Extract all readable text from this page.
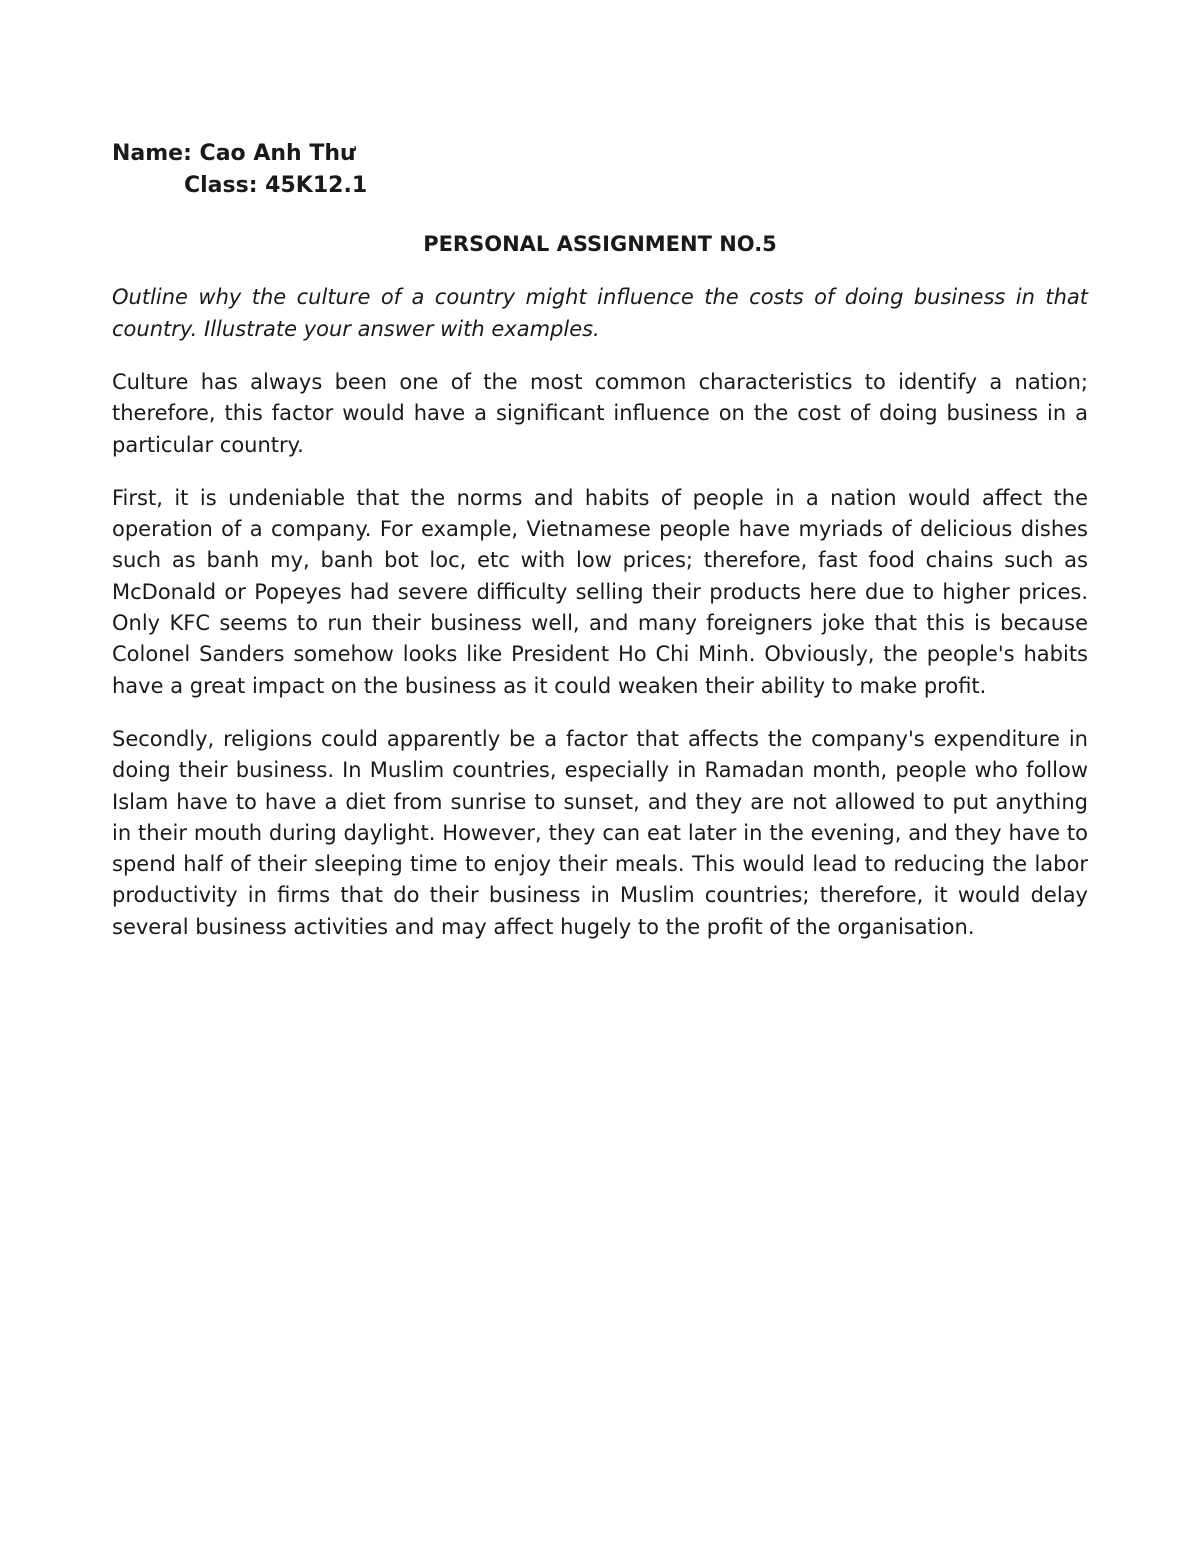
Name: Cao Anh Thư

Class: 45K12.1

PERSONAL ASSIGNMENT NO.5

Outline why the culture of a country might influence the costs of doing business in that country. Illustrate your answer with examples.

Culture has always been one of the most common characteristics to identify a nation; therefore, this factor would have a significant influence on the cost of doing business in a particular country.

First, it is undeniable that the norms and habits of people in a nation would affect the operation of a company. For example, Vietnamese people have myriads of delicious dishes such as banh my, banh bot loc, etc with low prices; therefore, fast food chains such as McDonald or Popeyes had severe difficulty selling their products here due to higher prices. Only KFC seems to run their business well, and many foreigners joke that this is because Colonel Sanders somehow looks like President Ho Chi Minh. Obviously, the people's habits have a great impact on the business as it could weaken their ability to make profit.

Secondly, religions could apparently be a factor that affects the company's expenditure in doing their business. In Muslim countries, especially in Ramadan month, people who follow Islam have to have a diet from sunrise to sunset, and they are not allowed to put anything in their mouth during daylight. However, they can eat later in the evening, and they have to spend half of their sleeping time to enjoy their meals. This would lead to reducing the labor productivity in firms that do their business in Muslim countries; therefore, it would delay several business activities and may affect hugely to the profit of the organisation.
